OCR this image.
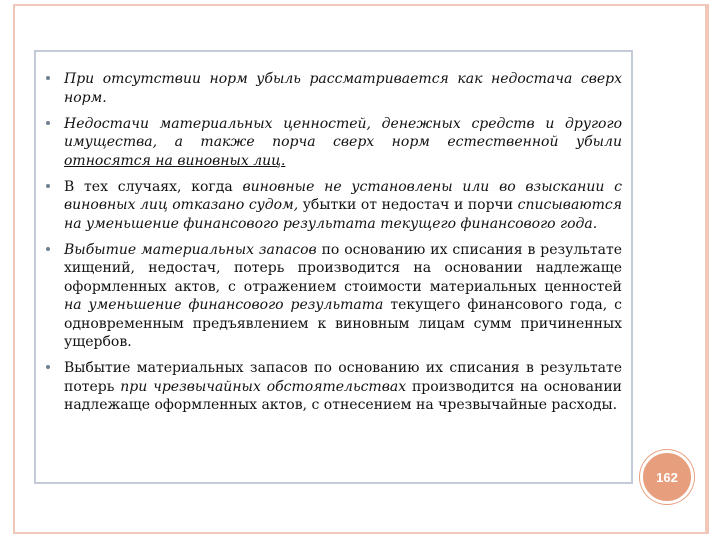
При отсутствии норм убыль рассматривается как недостача сверх норм.
Недостачи материальных ценностей, денежных средств и другого имущества, а также порча сверх норм естественной убыли относятся на виновных лиц.
В тех случаях, когда виновные не установлены или во взыскании с виновных лиц отказано судом, убытки от недостач и порчи списываются на уменьшение финансового результата текущего финансового года.
Выбытие материальных запасов по основанию их списания в результате хищений, недостач, потерь производится на основании надлежаще оформленных актов, с отражением стоимости материальных ценностей на уменьшение финансового результата текущего финансового года, с одновременным предъявлением к виновным лицам сумм причиненных ущербов.
Выбытие материальных запасов по основанию их списания в результате потерь при чрезвычайных обстоятельствах производится на основании надлежаще оформленных актов, с отнесением на чрезвычайные расходы.
162
